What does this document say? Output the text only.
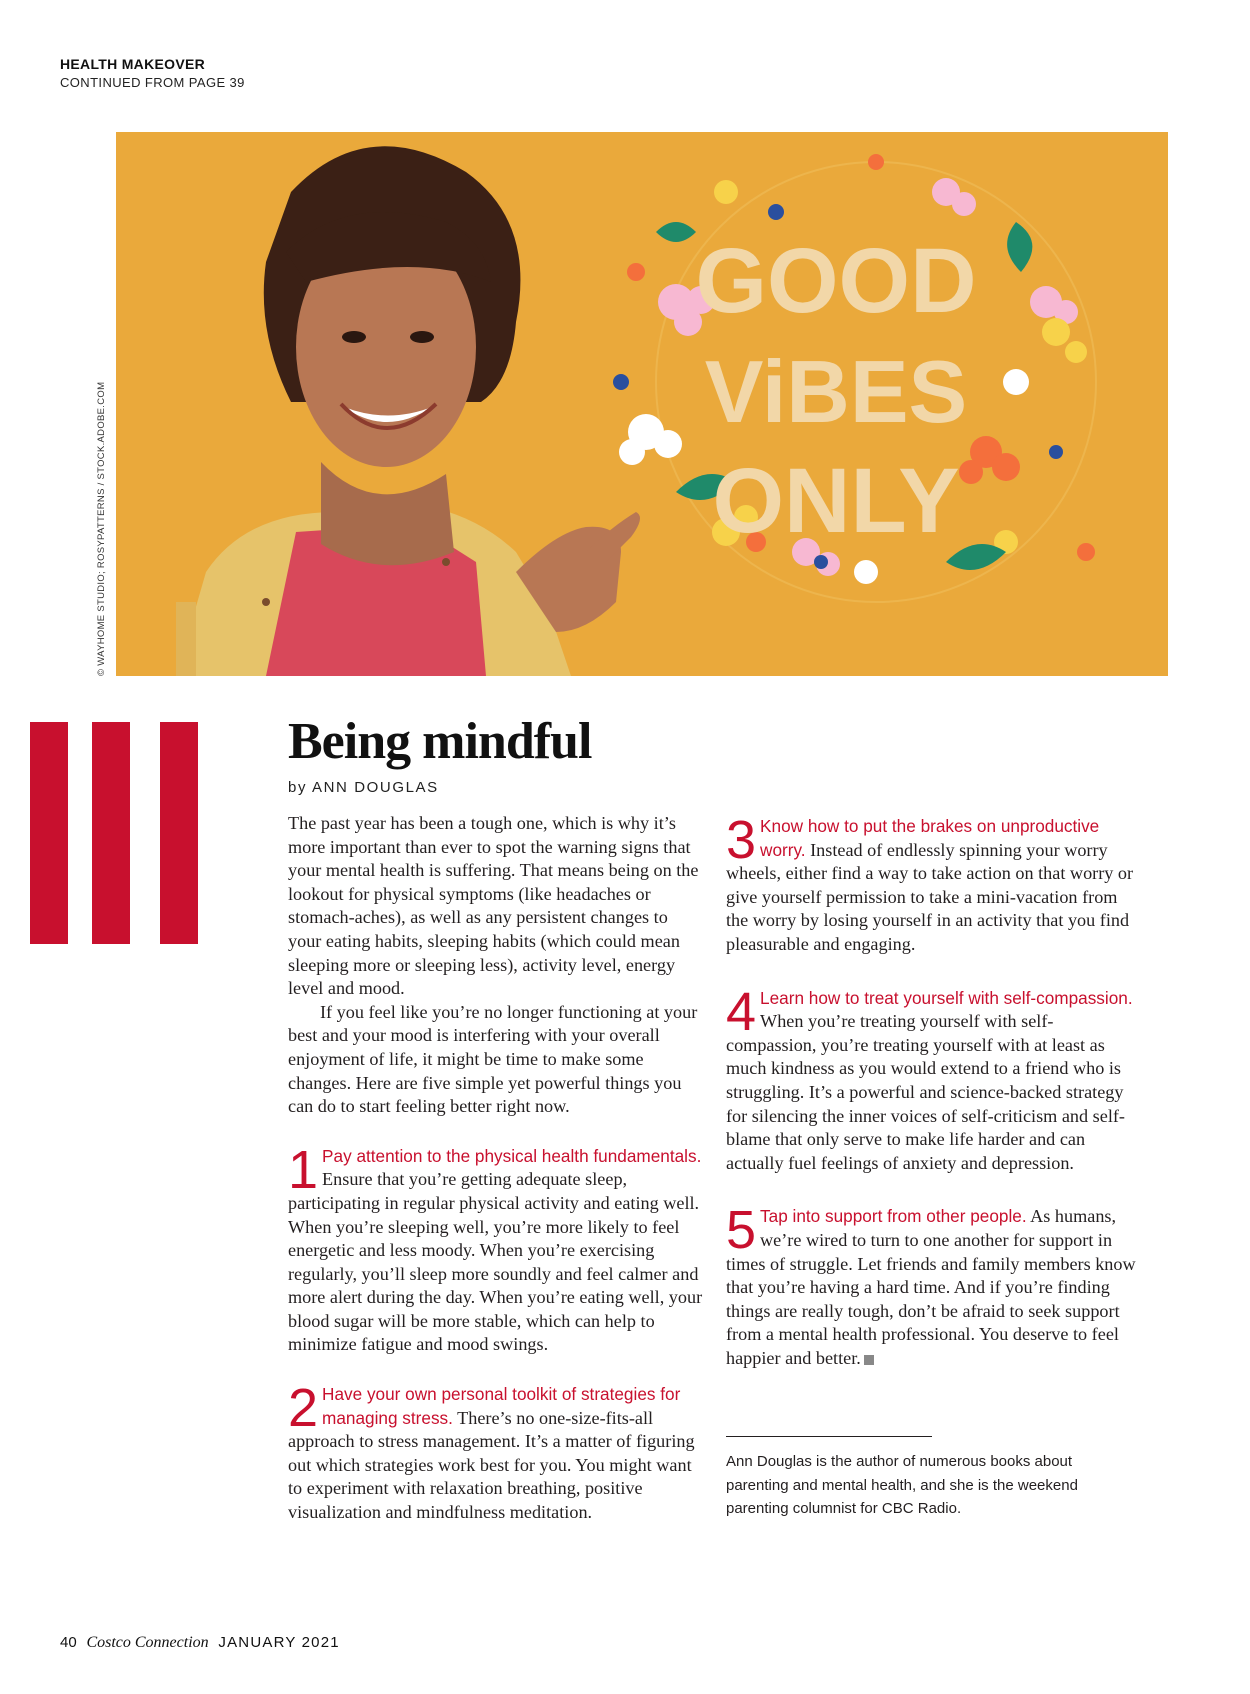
HEALTH MAKEOVER
CONTINUED FROM PAGE 39
GOOD
ViBES
ONLY
© WAYHOME STUDIO; ROSYPATTERNS / STOCK.ADOBE.COM
Being mindful
by ANN DOUGLAS

The past year has been a tough one, which is why it’s more important than ever to spot the warning signs that your mental health is suffering. That means being on the lookout for physical symptoms (like headaches or stomach-aches), as well as any persistent changes to your eating habits, sleeping habits (which could mean sleeping more or sleeping less), activity level, energy level and mood.

If you feel like you’re no longer functioning at your best and your mood is interfering with your overall enjoyment of life, it might be time to make some changes. Here are five simple yet powerful things you can do to start feeling better right now.

1 Pay attention to the physical health fundamentals. Ensure that you’re getting adequate sleep, participating in regular physical activity and eating well. When you’re sleeping well, you’re more likely to feel energetic and less moody. When you’re exercising regularly, you’ll sleep more soundly and feel calmer and more alert during the day. When you’re eating well, your blood sugar will be more stable, which can help to minimize fatigue and mood swings.

2 Have your own personal toolkit of strategies for managing stress. There’s no one-size-fits-all approach to stress management. It’s a matter of figuring out which strategies work best for you. You might want to experiment with relaxation breathing, positive visualization and mindfulness meditation.

3 Know how to put the brakes on unproductive worry. Instead of endlessly spinning your worry wheels, either find a way to take action on that worry or give yourself permission to take a mini-vacation from the worry by losing yourself in an activity that you find pleasurable and engaging.

4 Learn how to treat yourself with self-compassion. When you’re treating yourself with self-compassion, you’re treating yourself with at least as much kindness as you would extend to a friend who is struggling. It’s a powerful and science-backed strategy for silencing the inner voices of self-criticism and self-blame that only serve to make life harder and can actually fuel feelings of anxiety and depression.

5 Tap into support from other people. As humans, we’re wired to turn to one another for support in times of struggle. Let friends and family members know that you’re having a hard time. And if you’re finding things are really tough, don’t be afraid to seek support from a mental health professional. You deserve to feel happier and better.

Ann Douglas is the author of numerous books about parenting and mental health, and she is the weekend parenting columnist for CBC Radio.
40 Costco Connection JANUARY 2021
